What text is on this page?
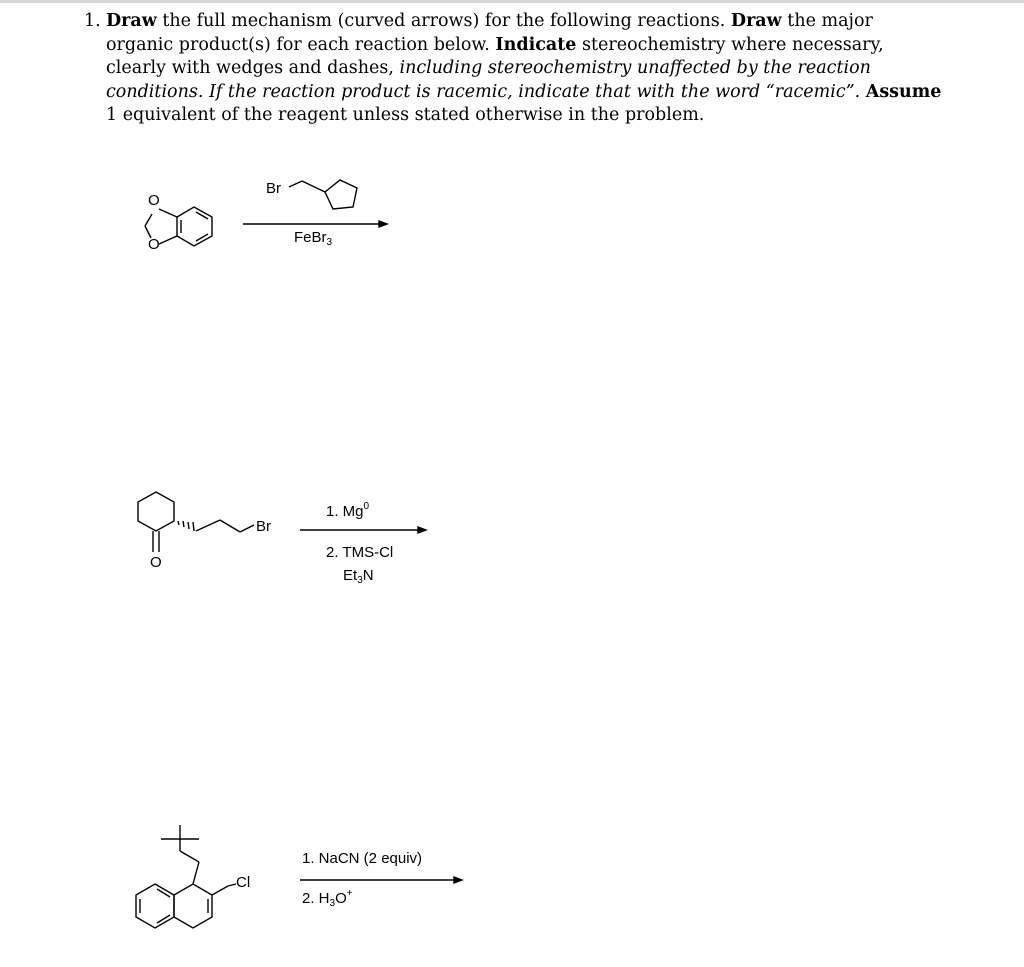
1. Draw the full mechanism (curved arrows) for the following reactions. Draw the major organic product(s) for each reaction below. Indicate stereochemistry where necessary, clearly with wedges and dashes, including stereochemistry unaffected by the reaction conditions. If the reaction product is racemic, indicate that with the word “racemic”. Assume 1 equivalent of the reagent unless stated otherwise in the problem.
O
O
Br
FeBr$_3$
O
Br
1. Mg$^0$
2. TMS-Cl
$Et_3N$
Cl
1. NaCN (2 equiv)
2. $H_3O^+$
